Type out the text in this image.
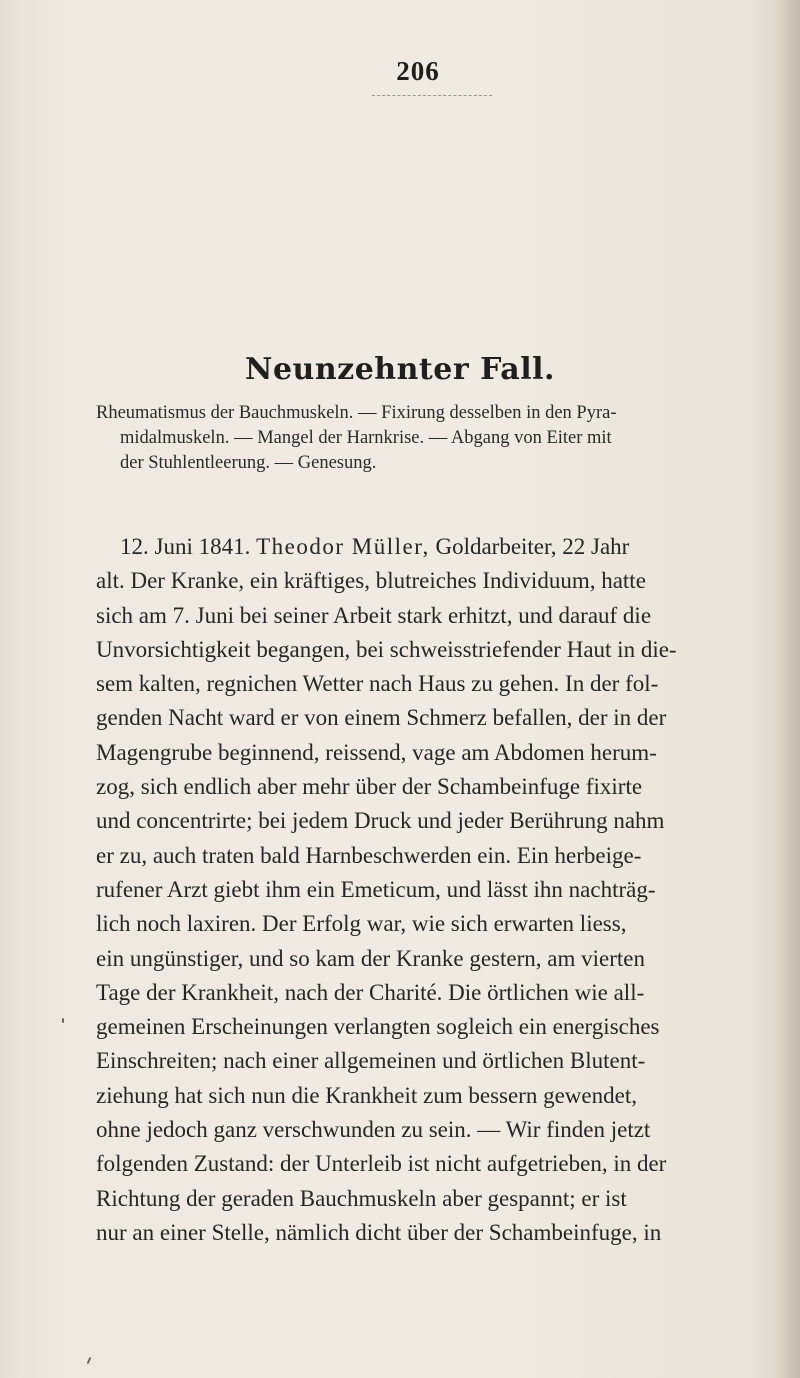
206
Neunzehnter Fall.

Rheumatismus der Bauchmuskeln. — Fixirung desselben in den Pyra-
midalmuskeln. — Mangel der Harnkrise. — Abgang von Eiter mit
der Stuhlentleerung. — Genesung.

12. Juni 1841. Theodor Müller, Goldarbeiter, 22 Jahr
alt. Der Kranke, ein kräftiges, blutreiches Individuum, hatte
sich am 7. Juni bei seiner Arbeit stark erhitzt, und darauf die
Unvorsichtigkeit begangen, bei schweisstriefender Haut in die-
sem kalten, regnichen Wetter nach Haus zu gehen. In der fol-
genden Nacht ward er von einem Schmerz befallen, der in der
Magengrube beginnend, reissend, vage am Abdomen herum-
zog, sich endlich aber mehr über der Schambeinfuge fixirte
und concentrirte; bei jedem Druck und jeder Berührung nahm
er zu, auch traten bald Harnbeschwerden ein. Ein herbeige-
rufener Arzt giebt ihm ein Emeticum, und lässt ihn nachträg-
lich noch laxiren. Der Erfolg war, wie sich erwarten liess,
ein ungünstiger, und so kam der Kranke gestern, am vierten
Tage der Krankheit, nach der Charité. Die örtlichen wie all-
gemeinen Erscheinungen verlangten sogleich ein energisches
Einschreiten; nach einer allgemeinen und örtlichen Blutent-
ziehung hat sich nun die Krankheit zum bessern gewendet,
ohne jedoch ganz verschwunden zu sein. — Wir finden jetzt
folgenden Zustand: der Unterleib ist nicht aufgetrieben, in der
Richtung der geraden Bauchmuskeln aber gespannt; er ist
nur an einer Stelle, nämlich dicht über der Schambeinfuge, in
